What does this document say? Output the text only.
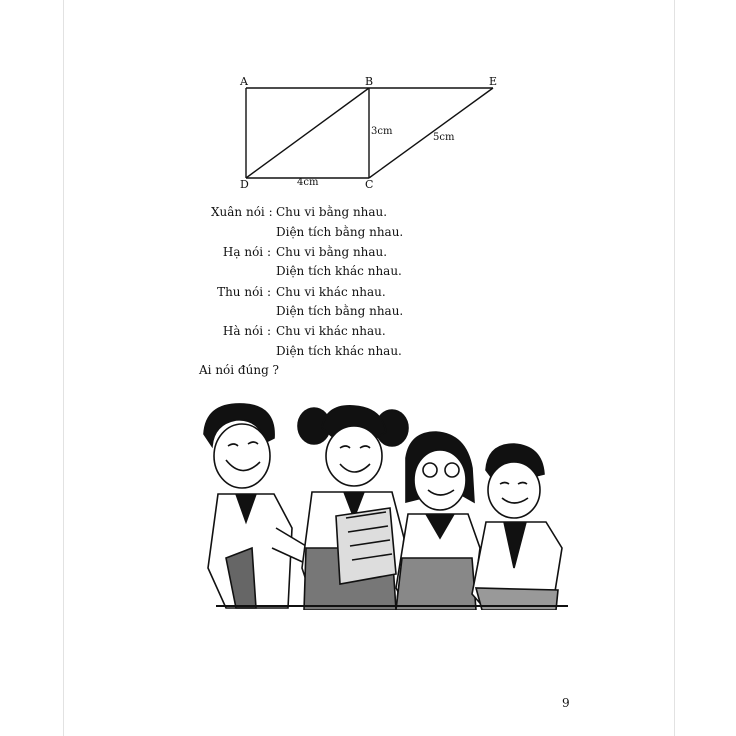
A	B	E
D	C
3cm
4cm
5cm
Xuân nói : Chu vi bằng nhau.
Diện tích bằng nhau.
Hạ nói : Chu vi bằng nhau.
Diện tích khác nhau.
Thu nói : Chu vi khác nhau.
Diện tích bằng nhau.
Hà nói : Chu vi khác nhau.
Diện tích khác nhau.
Ai nói đúng ?
9
